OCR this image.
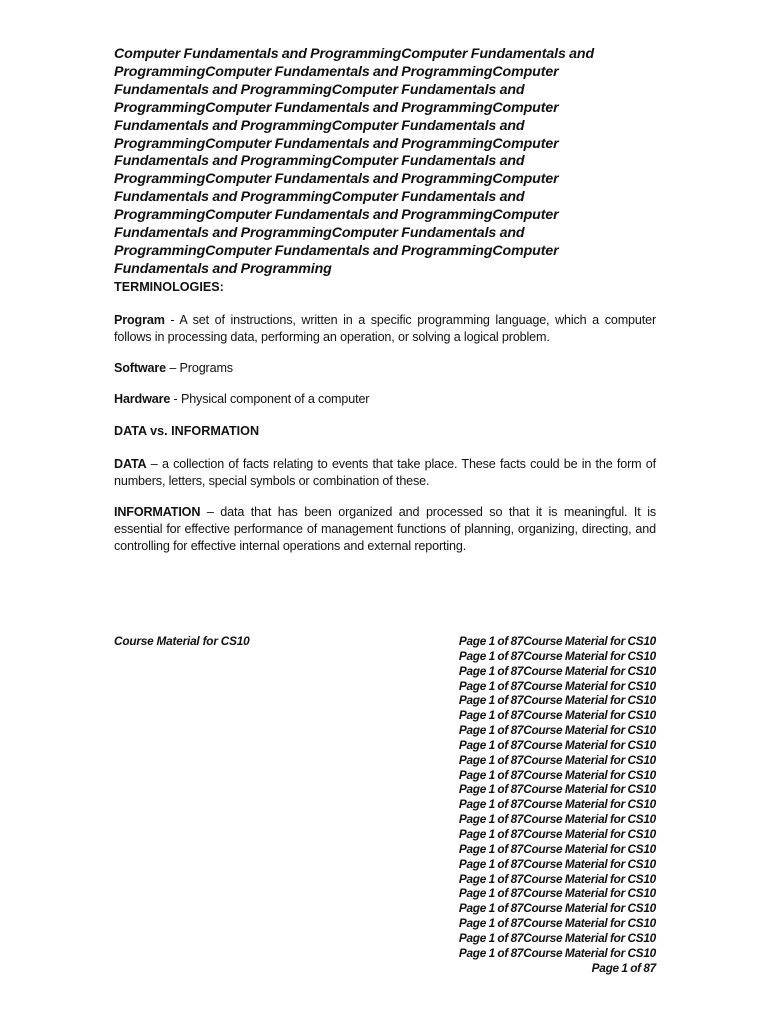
Computer Fundamentals and ProgrammingComputer Fundamentals and ProgrammingComputer Fundamentals and ProgrammingComputer Fundamentals and ProgrammingComputer Fundamentals and ProgrammingComputer Fundamentals and ProgrammingComputer Fundamentals and ProgrammingComputer Fundamentals and ProgrammingComputer Fundamentals and ProgrammingComputer Fundamentals and ProgrammingComputer Fundamentals and ProgrammingComputer Fundamentals and ProgrammingComputer Fundamentals and ProgrammingComputer Fundamentals and ProgrammingComputer Fundamentals and ProgrammingComputer Fundamentals and ProgrammingComputer Fundamentals and ProgrammingComputer Fundamentals and ProgrammingComputer Fundamentals and Programming

TERMINOLOGIES:

Program - A set of instructions, written in a specific programming language, which a computer follows in processing data, performing an operation, or solving a logical problem.

Software – Programs

Hardware - Physical component of a computer

DATA vs. INFORMATION

DATA – a collection of facts relating to events that take place. These facts could be in the form of numbers, letters, special symbols or combination of these.

INFORMATION – data that has been organized and processed so that it is meaningful. It is essential for effective performance of management functions of planning, organizing, directing, and controlling for effective internal operations and external reporting.

Course Material for CS10	Page 1 of 87Course Material for CS10
Page 1 of 87Course Material for CS10
Page 1 of 87Course Material for CS10
Page 1 of 87Course Material for CS10
Page 1 of 87Course Material for CS10
Page 1 of 87Course Material for CS10
Page 1 of 87Course Material for CS10
Page 1 of 87Course Material for CS10
Page 1 of 87Course Material for CS10
Page 1 of 87Course Material for CS10
Page 1 of 87Course Material for CS10
Page 1 of 87Course Material for CS10
Page 1 of 87Course Material for CS10
Page 1 of 87Course Material for CS10
Page 1 of 87Course Material for CS10
Page 1 of 87Course Material for CS10
Page 1 of 87Course Material for CS10
Page 1 of 87Course Material for CS10
Page 1 of 87Course Material for CS10
Page 1 of 87Course Material for CS10
Page 1 of 87Course Material for CS10
Page 1 of 87Course Material for CS10
Page 1 of 87
